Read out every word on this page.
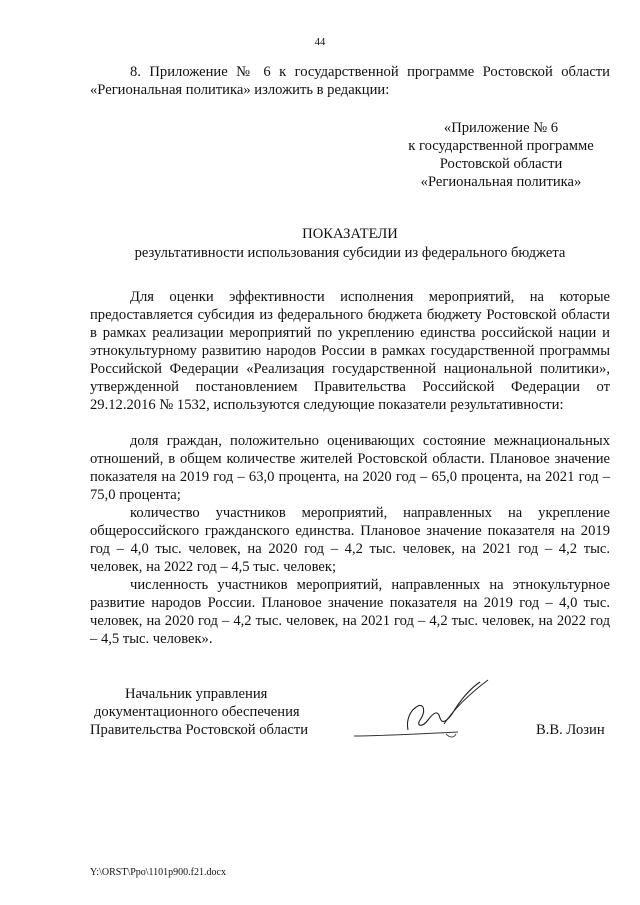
44
8. Приложение № 6 к государственной программе Ростовской области «Региональная политика» изложить в редакции:
«Приложение № 6
к государственной программе
Ростовской области
«Региональная политика»
ПОКАЗАТЕЛИ
результативности использования субсидии из федерального бюджета
Для оценки эффективности исполнения мероприятий, на которые предоставляется субсидия из федерального бюджета бюджету Ростовской области в рамках реализации мероприятий по укреплению единства российской нации и этнокультурному развитию народов России в рамках государственной программы Российской Федерации «Реализация государственной национальной политики», утвержденной постановлением Правительства Российской Федерации от 29.12.2016 № 1532, используются следующие показатели результативности:
доля граждан, положительно оценивающих состояние межнациональных отношений, в общем количестве жителей Ростовской области. Плановое значение показателя на 2019 год – 63,0 процента, на 2020 год – 65,0 процента, на 2021 год – 75,0 процента;
количество участников мероприятий, направленных на укрепление общероссийского гражданского единства. Плановое значение показателя на 2019 год – 4,0 тыс. человек, на 2020 год – 4,2 тыс. человек, на 2021 год – 4,2 тыс. человек, на 2022 год – 4,5 тыс. человек;
численность участников мероприятий, направленных на этнокультурное развитие народов России. Плановое значение показателя на 2019 год – 4,0 тыс. человек, на 2020 год – 4,2 тыс. человек, на 2021 год – 4,2 тыс. человек, на 2022 год – 4,5 тыс. человек».
Начальник управления
документационного обеспечения
Правительства Ростовской области	В.В. Лозин
Y:\ORST\Ppo\1101p900.f21.docx
